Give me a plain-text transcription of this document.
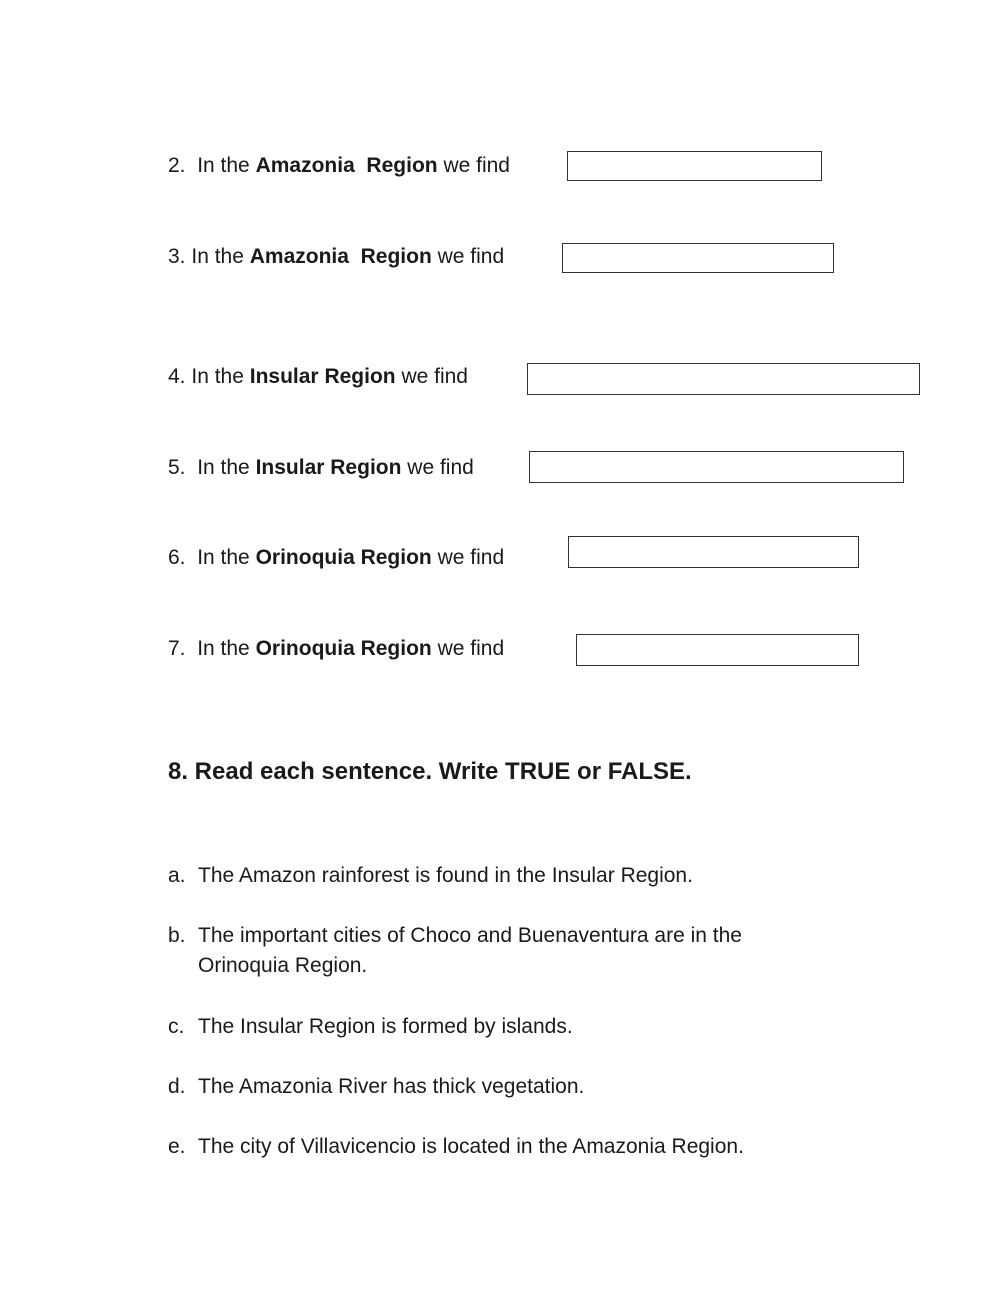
2. In the Amazonia  Region we find
3. In the Amazonia  Region we find
4. In the Insular Region we find
5. In the Insular Region we find
6. In the Orinoquia Region we find
7. In the Orinoquia Region we find
8. Read each sentence. Write TRUE or FALSE.
a. The Amazon rainforest is found in the Insular Region.
b. The important cities of Choco and Buenaventura are in the Orinoquia Region.
c. The Insular Region is formed by islands.
d. The Amazonia River has thick vegetation.
e. The city of Villavicencio is located in the Amazonia Region.
